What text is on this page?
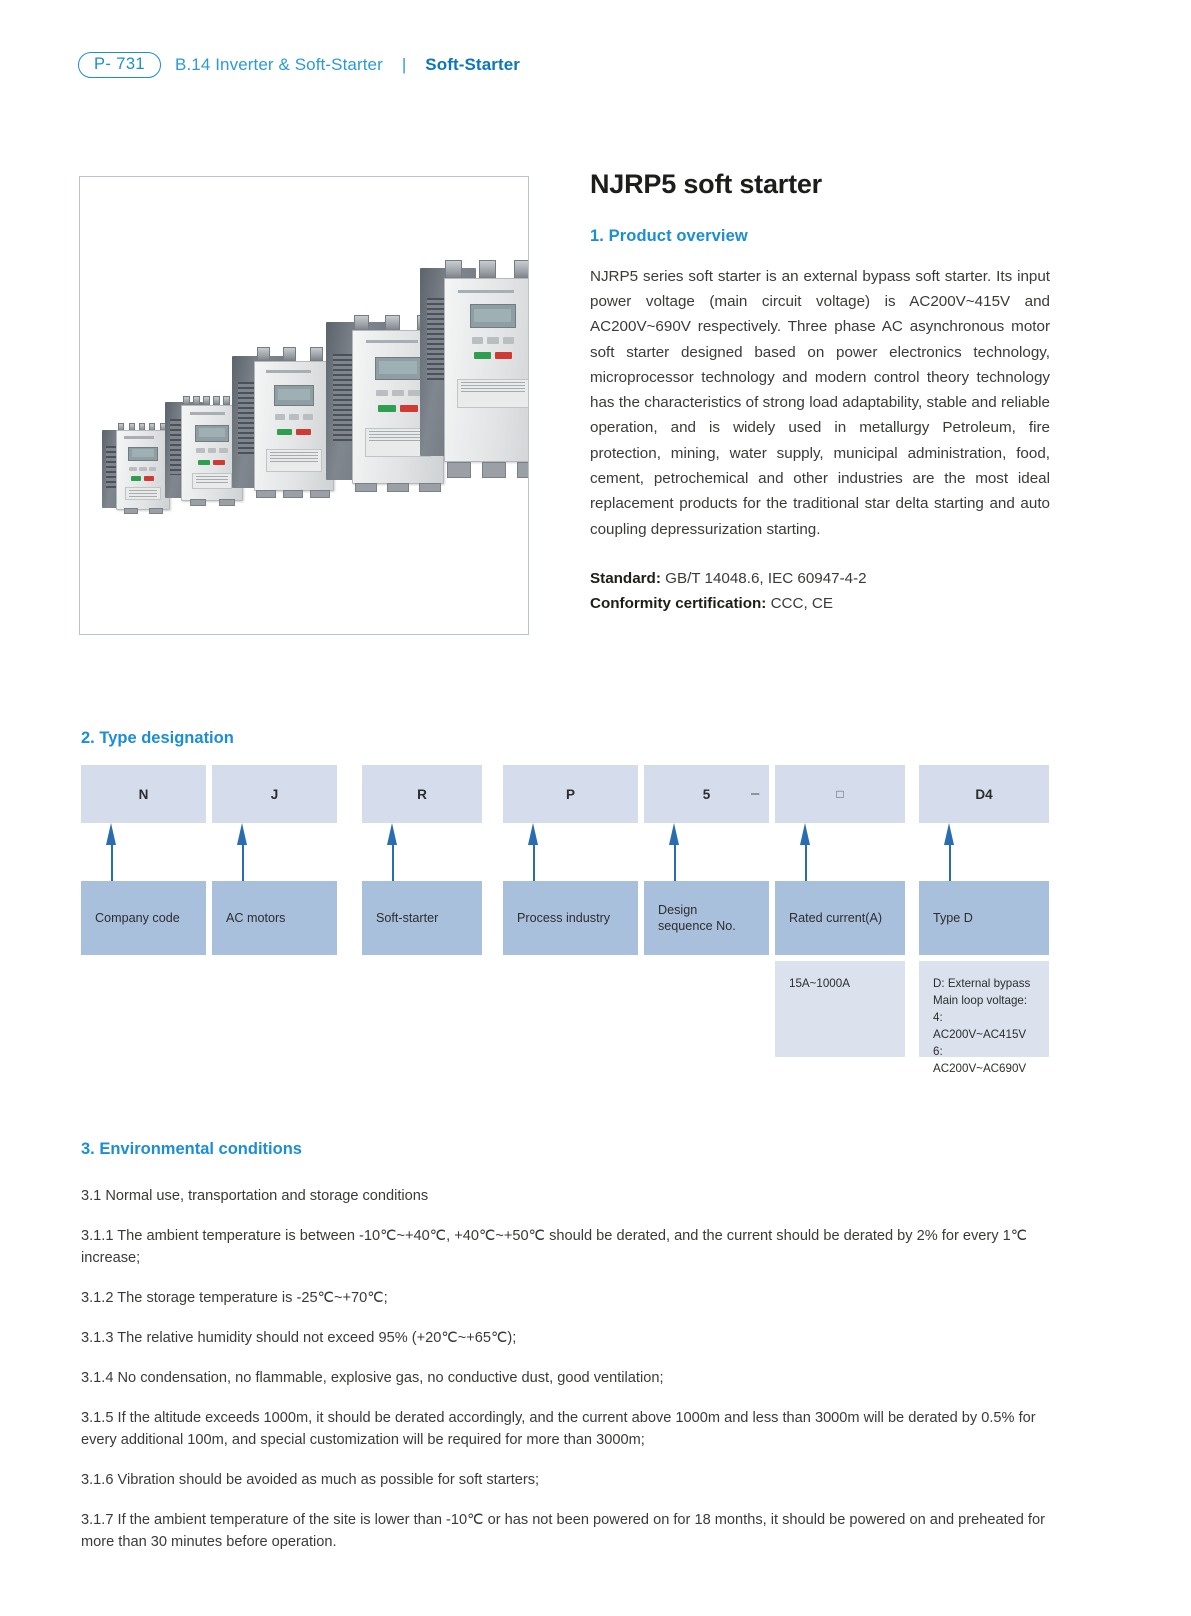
P- 731	B.14 Inverter & Soft-Starter | Soft-Starter
NJRP5 soft starter
1. Product overview

NJRP5 series soft starter is an external bypass soft starter. Its input power voltage (main circuit voltage) is AC200V~415V and AC200V~690V respectively. Three phase AC asynchronous motor soft starter designed based on power electronics technology, microprocessor technology and modern control theory technology has the characteristics of strong load adaptability, stable and reliable operation, and is widely used in metallurgy Petroleum, fire protection, mining, water supply, municipal administration, food, cement, petrochemical and other industries are the most ideal replacement products for the traditional star delta starting and auto coupling depressurization starting.

Standard: GB/T 14048.6, IEC 60947-4-2
Conformity certification: CCC, CE
2. Type designation
N
Company code
J
AC motors
R
Soft-starter
P
Process industry
5
Design sequence No.
□
Rated current(A)
15A~1000A
D4
Type D
D: External bypass
Main loop voltage:
4: AC200V~AC415V
6: AC200V~AC690V
–
3. Environmental conditions

3.1 Normal use, transportation and storage conditions

3.1.1 The ambient temperature is between -10℃~+40℃, +40℃~+50℃ should be derated, and the current should be derated by 2% for every 1℃ increase;

3.1.2 The storage temperature is -25℃~+70℃;

3.1.3 The relative humidity should not exceed 95% (+20℃~+65℃);

3.1.4 No condensation, no flammable, explosive gas, no conductive dust, good ventilation;

3.1.5 If the altitude exceeds 1000m, it should be derated accordingly, and the current above 1000m and less than 3000m will be derated by 0.5% for every additional 100m, and special customization will be required for more than 3000m;

3.1.6 Vibration should be avoided as much as possible for soft starters;

3.1.7 If the ambient temperature of the site is lower than -10℃ or has not been powered on for 18 months, it should be powered on and preheated for more than 30 minutes before operation.
